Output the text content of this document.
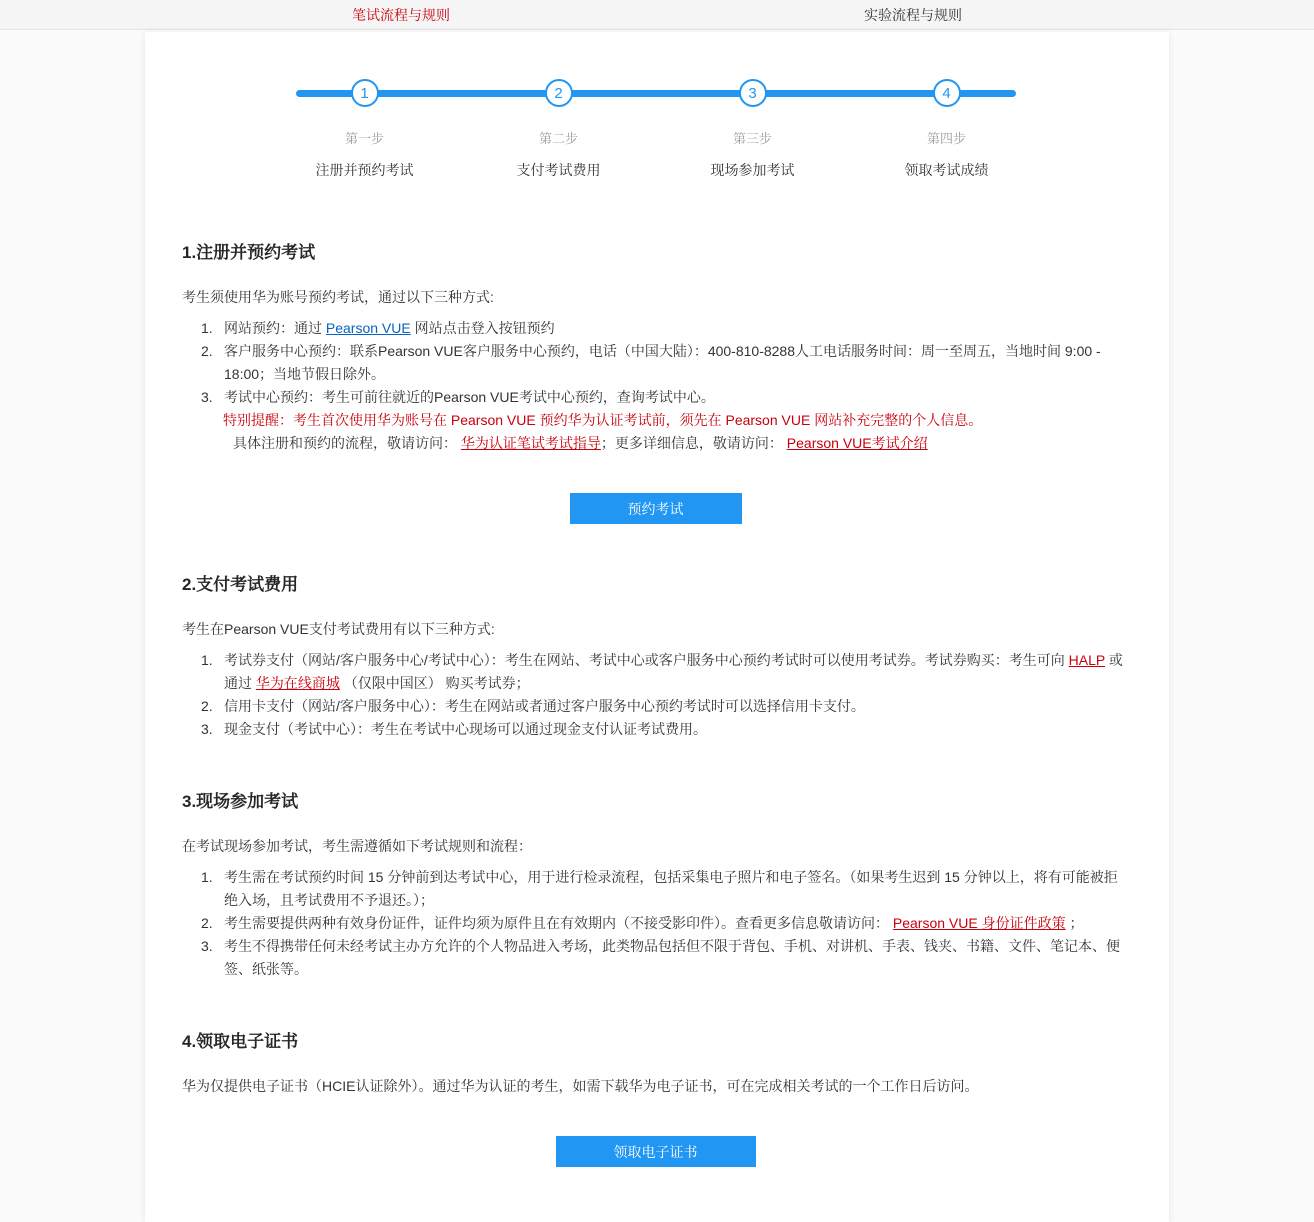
笔试流程与规则	实验流程与规则
1
第一步
注册并预约考试
2
第二步
支付考试费用
3
第三步
现场参加考试
4
第四步
领取考试成绩
1.注册并预约考试

考生须使用华为账号预约考试，通过以下三种方式:

网站预约：通过 Pearson VUE 网站点击登入按钮预约
客户服务中心预约：联系Pearson VUE客户服务中心预约，电话（中国大陆）：400-810-8288人工电话服务时间：周一至周五，当地时间 9:00 - 18:00；当地节假日除外。
考试中心预约：考生可前往就近的Pearson VUE考试中心预约，查询考试中心。

特别提醒：考生首次使用华为账号在 Pearson VUE 预约华为认证考试前，须先在 Pearson VUE 网站补充完整的个人信息。

具体注册和预约的流程，敬请访问： 华为认证笔试考试指导；更多详细信息，敬请访问： Pearson VUE考试介绍

预约考试
2.支付考试费用

考生在Pearson VUE支付考试费用有以下三种方式:

考试券支付（网站/客户服务中心/考试中心）：考生在网站、考试中心或客户服务中心预约考试时可以使用考试券。考试券购买：考生可向 HALP 或通过 华为在线商城 （仅限中国区） 购买考试券；
信用卡支付（网站/客户服务中心）：考生在网站或者通过客户服务中心预约考试时可以选择信用卡支付。
现金支付（考试中心）：考生在考试中心现场可以通过现金支付认证考试费用。
3.现场参加考试

在考试现场参加考试，考生需遵循如下考试规则和流程：

考生需在考试预约时间 15 分钟前到达考试中心，用于进行检录流程，包括采集电子照片和电子签名。（如果考生迟到 15 分钟以上，将有可能被拒绝入场，且考试费用不予退还。）；
考生需要提供两种有效身份证件，证件均须为原件且在有效期内（不接受影印件）。查看更多信息敬请访问： Pearson VUE 身份证件政策 ；
考生不得携带任何未经考试主办方允许的个人物品进入考场，此类物品包括但不限于背包、手机、对讲机、手表、钱夹、书籍、文件、笔记本、便签、纸张等。
4.领取电子证书

华为仅提供电子证书（HCIE认证除外）。通过华为认证的考生，如需下载华为电子证书，可在完成相关考试的一个工作日后访问。

领取电子证书
